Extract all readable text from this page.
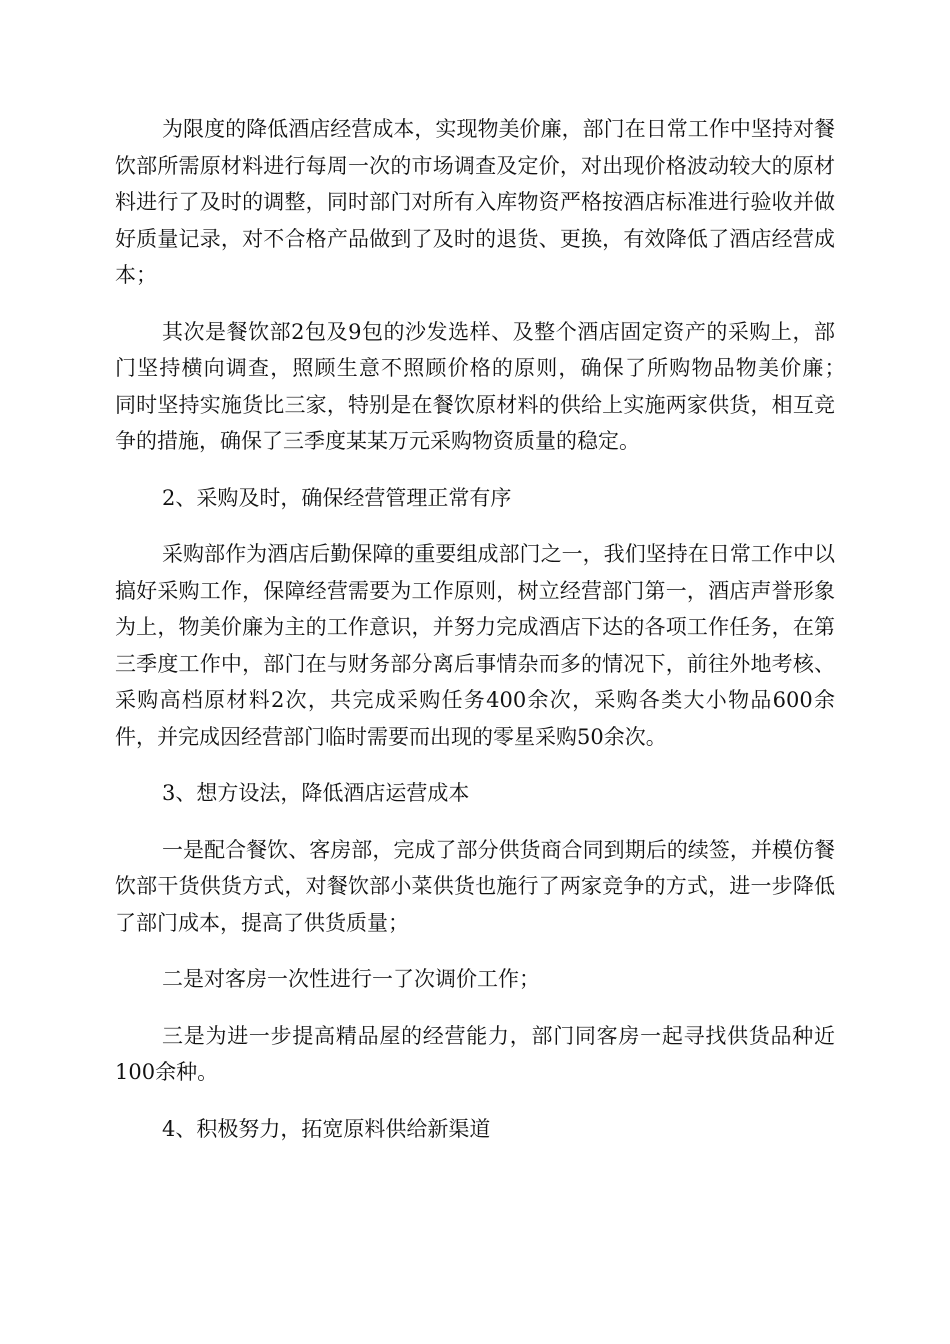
为限度的降低酒店经营成本，实现物美价廉，部门在日常工作中坚持对餐饮部所需原材料进行每周一次的市场调查及定价，对出现价格波动较大的原材料进行了及时的调整，同时部门对所有入库物资严格按酒店标准进行验收并做好质量记录，对不合格产品做到了及时的退货、更换，有效降低了酒店经营成本；

其次是餐饮部2包及9包的沙发选样、及整个酒店固定资产的采购上，部门坚持横向调查，照顾生意不照顾价格的原则，确保了所购物品物美价廉；　 同时坚持实施货比三家，特别是在餐饮原材料的供给上实施两家供货，相互竞争的措施，确保了三季度某某万元采购物资质量的稳定。

2、采购及时，确保经营管理正常有序

采购部作为酒店后勤保障的重要组成部门之一，我们坚持在日常工作中以搞好采购工作，保障经营需要为工作原则，树立经营部门第一，酒店声誉形象为上，物美价廉为主的工作意识，并努力完成酒店下达的各项工作任务，在第三季度工作中，部门在与财务部分离后事情杂而多的情况下，前往外地考核、采购高档原材料2次，共完成采购任务400余次，采购各类大小物品600余件，并完成因经营部门临时需要而出现的零星采购50余次。

3、想方设法，降低酒店运营成本

一是配合餐饮、客房部，完成了部分供货商合同到期后的续签，并模仿餐饮部干货供货方式，对餐饮部小菜供货也施行了两家竞争的方式，进一步降低了部门成本，提高了供货质量；

二是对客房一次性进行一了次调价工作；

三是为进一步提高精品屋的经营能力，部门同客房一起寻找供货品种近100余种。

4、积极努力，拓宽原料供给新渠道
